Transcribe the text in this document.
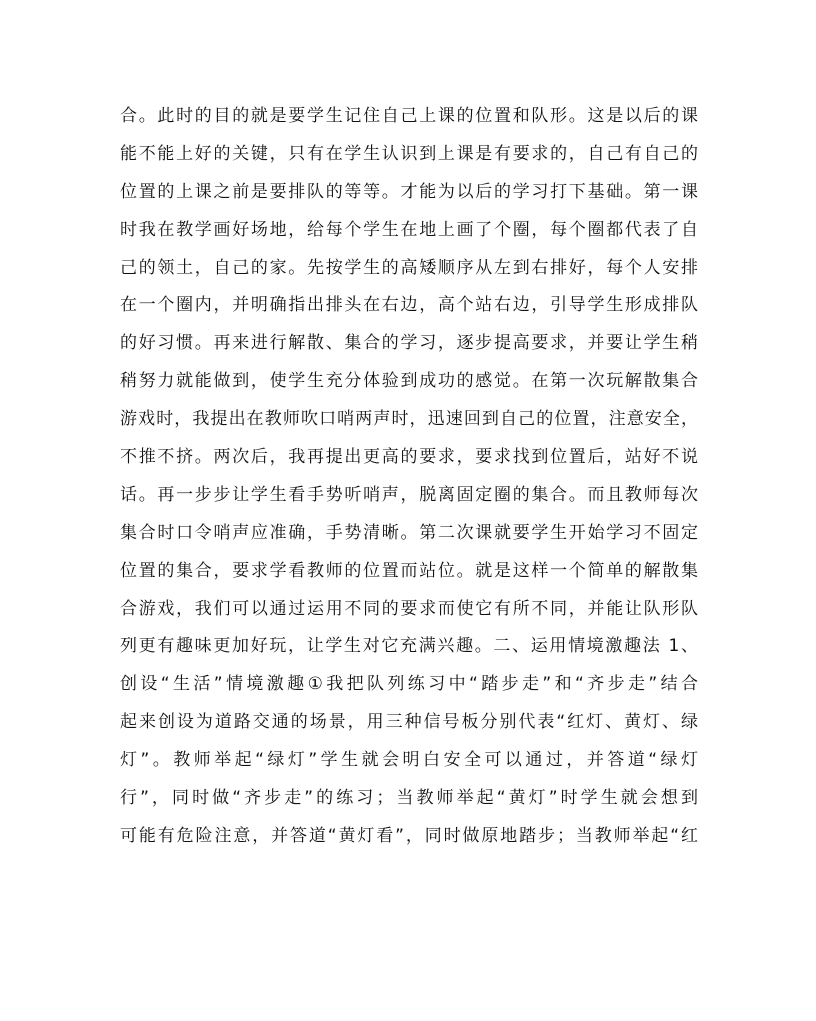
合。此时的目的就是要学生记住自己上课的位置和队形。这是以后的课
能不能上好的关键，只有在学生认识到上课是有要求的，自己有自己的
位置的上课之前是要排队的等等。才能为以后的学习打下基础。第一课
时我在教学画好场地，给每个学生在地上画了个圈，每个圈都代表了自
己的领土，自己的家。先按学生的高矮顺序从左到右排好，每个人安排
在一个圈内，并明确指出排头在右边，高个站右边，引导学生形成排队
的好习惯。再来进行解散、集合的学习，逐步提高要求，并要让学生稍
稍努力就能做到，使学生充分体验到成功的感觉。在第一次玩解散集合
游戏时，我提出在教师吹口哨两声时，迅速回到自己的位置，注意安全，
不推不挤。两次后，我再提出更高的要求，要求找到位置后，站好不说
话。再一步步让学生看手势听哨声，脱离固定圈的集合。而且教师每次
集合时口令哨声应准确，手势清晰。第二次课就要学生开始学习不固定
位置的集合，要求学看教师的位置而站位。就是这样一个简单的解散集
合游戏，我们可以通过运用不同的要求而使它有所不同，并能让队形队
列更有趣味更加好玩，让学生对它充满兴趣。二、运用情境激趣法 1、
创设“生活”情境激趣①我把队列练习中“踏步走”和“齐步走”结合
起来创设为道路交通的场景，用三种信号板分别代表“红灯、黄灯、绿
灯”。教师举起“绿灯”学生就会明白安全可以通过，并答道“绿灯
行”，同时做“齐步走”的练习；当教师举起“黄灯”时学生就会想到
可能有危险注意，并答道“黄灯看”，同时做原地踏步；当教师举起“红
